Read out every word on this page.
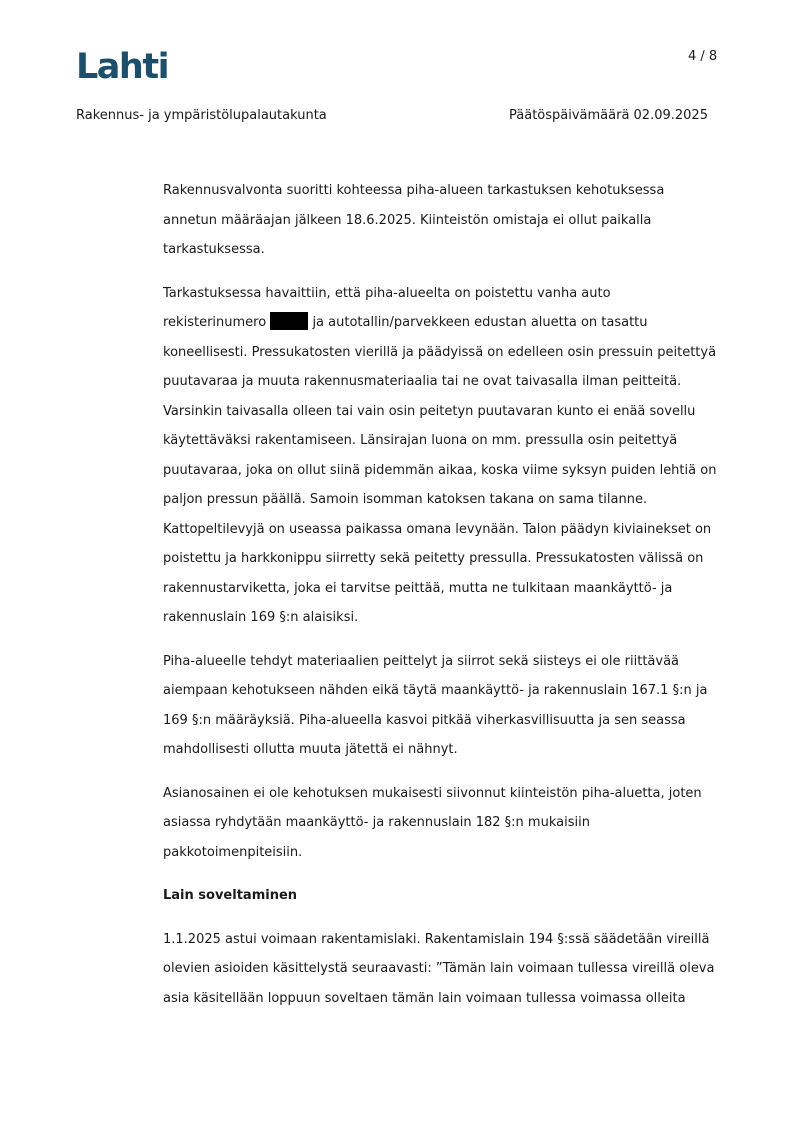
Lahti	4 / 8
Rakennus- ja ympäristölupalautakunta	Päätöspäivämäärä 02.09.2025
Rakennusvalvonta suoritti kohteessa piha-alueen tarkastuksen kehotuksessa
annetun määräajan jälkeen 18.6.2025. Kiinteistön omistaja ei ollut paikalla
tarkastuksessa.
Tarkastuksessa havaittiin, että piha-alueelta on poistettu vanha auto
rekisterinumero	ja autotallin/parvekkeen edustan aluetta on tasattu
koneellisesti. Pressukatosten vierillä ja päädyissä on edelleen osin pressuin peitettyä
puutavaraa ja muuta rakennusmateriaalia tai ne ovat taivasalla ilman peitteitä.
Varsinkin taivasalla olleen tai vain osin peitetyn puutavaran kunto ei enää sovellu
käytettäväksi rakentamiseen. Länsirajan luona on mm. pressulla osin peitettyä
puutavaraa, joka on ollut siinä pidemmän aikaa, koska viime syksyn puiden lehtiä on
paljon pressun päällä. Samoin isomman katoksen takana on sama tilanne.
Kattopeltilevyjä on useassa paikassa omana levynään. Talon päädyn kiviainekset on
poistettu ja harkkonippu siirretty sekä peitetty pressulla. Pressukatosten välissä on
rakennustarviketta, joka ei tarvitse peittää, mutta ne tulkitaan maankäyttö- ja
rakennuslain 169 §:n alaisiksi.
Piha-alueelle tehdyt materiaalien peittelyt ja siirrot sekä siisteys ei ole riittävää
aiempaan kehotukseen nähden eikä täytä maankäyttö- ja rakennuslain 167.1 §:n ja
169 §:n määräyksiä. Piha-alueella kasvoi pitkää viherkasvillisuutta ja sen seassa
mahdollisesti ollutta muuta jätettä ei nähnyt.
Asianosainen ei ole kehotuksen mukaisesti siivonnut kiinteistön piha-aluetta, joten
asiassa ryhdytään maankäyttö- ja rakennuslain 182 §:n mukaisiin
pakkotoimenpiteisiin.
Lain soveltaminen
1.1.2025 astui voimaan rakentamislaki. Rakentamislain 194 §:ssä säädetään vireillä
olevien asioiden käsittelystä seuraavasti: ”Tämän lain voimaan tullessa vireillä oleva
asia käsitellään loppuun soveltaen tämän lain voimaan tullessa voimassa olleita
